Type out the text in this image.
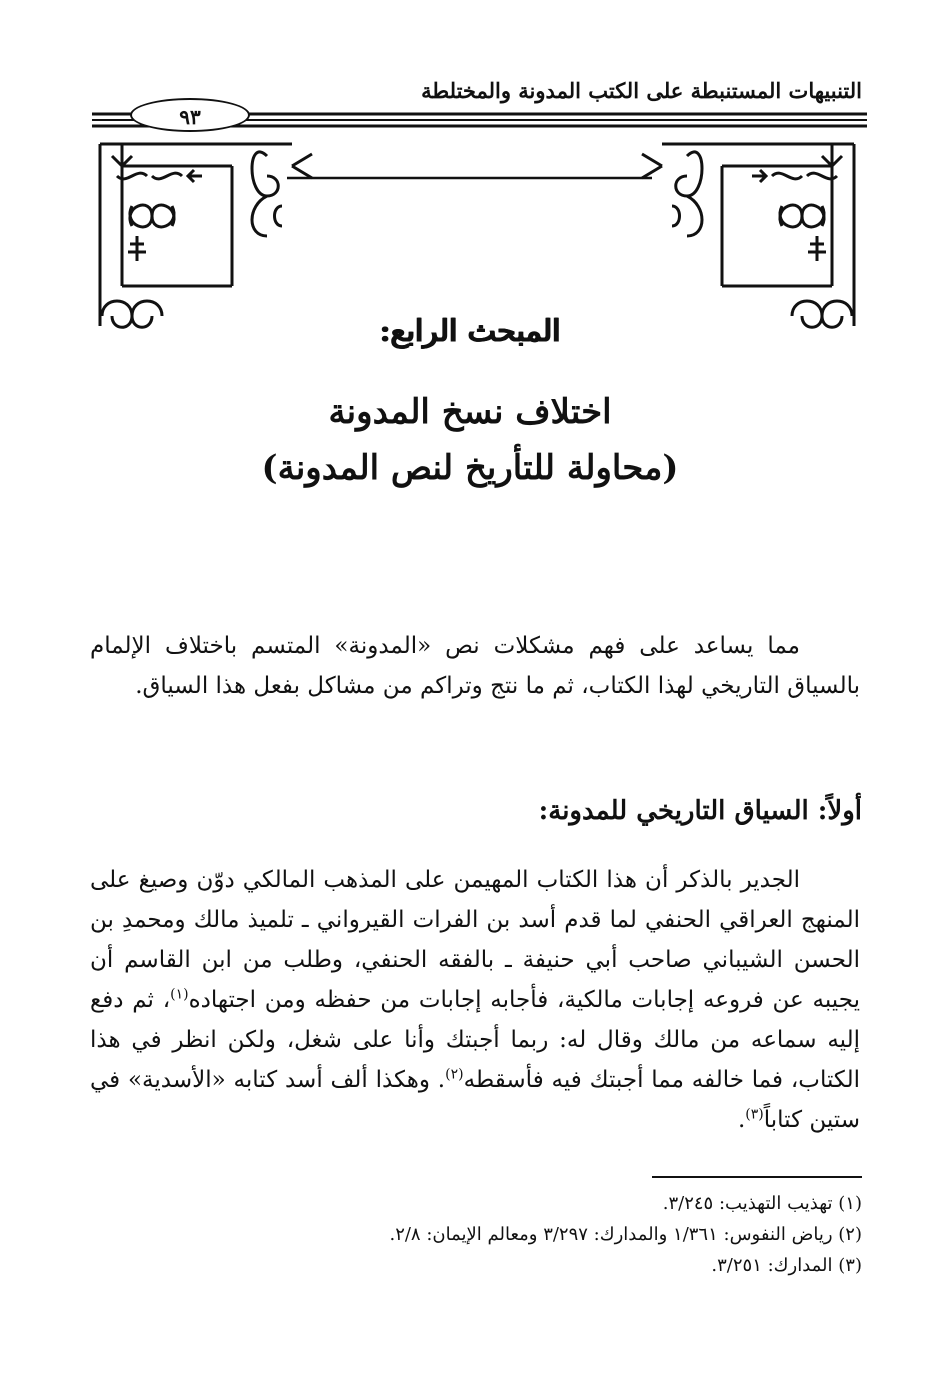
التنبيهات المستنبطة على الكتب المدونة والمختلطة
٩٣
المبحث الرابع:
اختلاف نسخ المدونة
(محاولة للتأريخ لنص المدونة)
مما يساعد على فهم مشكلات نص «المدونة» المتسم باختلاف الإلمام بالسياق التاريخي لهذا الكتاب، ثم ما نتج وتراكم من مشاكل بفعل هذا السياق.
أولاً: السياق التاريخي للمدونة:
الجدير بالذكر أن هذا الكتاب المهيمن على المذهب المالكي دوّن وصيغ على المنهج العراقي الحنفي لما قدم أسد بن الفرات القيرواني ـ تلميذ مالك ومحمدِ بن الحسن الشيباني صاحب أبي حنيفة ـ بالفقه الحنفي، وطلب من ابن القاسم أن يجيبه عن فروعه إجابات مالكية، فأجابه إجابات من حفظه ومن اجتهاده$^{(١)}$، ثم دفع إليه سماعه من مالك وقال له: ربما أجبتك وأنا على شغل، ولكن انظر في هذا الكتاب، فما خالفه مما أجبتك فيه فأسقطه$^{(٢)}$. وهكذا ألف أسد كتابه «الأسدية» في ستين كتاباً$^{(٣)}$.
(١) تهذيب التهذيب: ٣/٢٤٥.
(٢) رياض النفوس: ١/٣٦١ والمدارك: ٣/٢٩٧ ومعالم الإيمان: ٢/٨.
(٣) المدارك: ٣/٢٥١.
